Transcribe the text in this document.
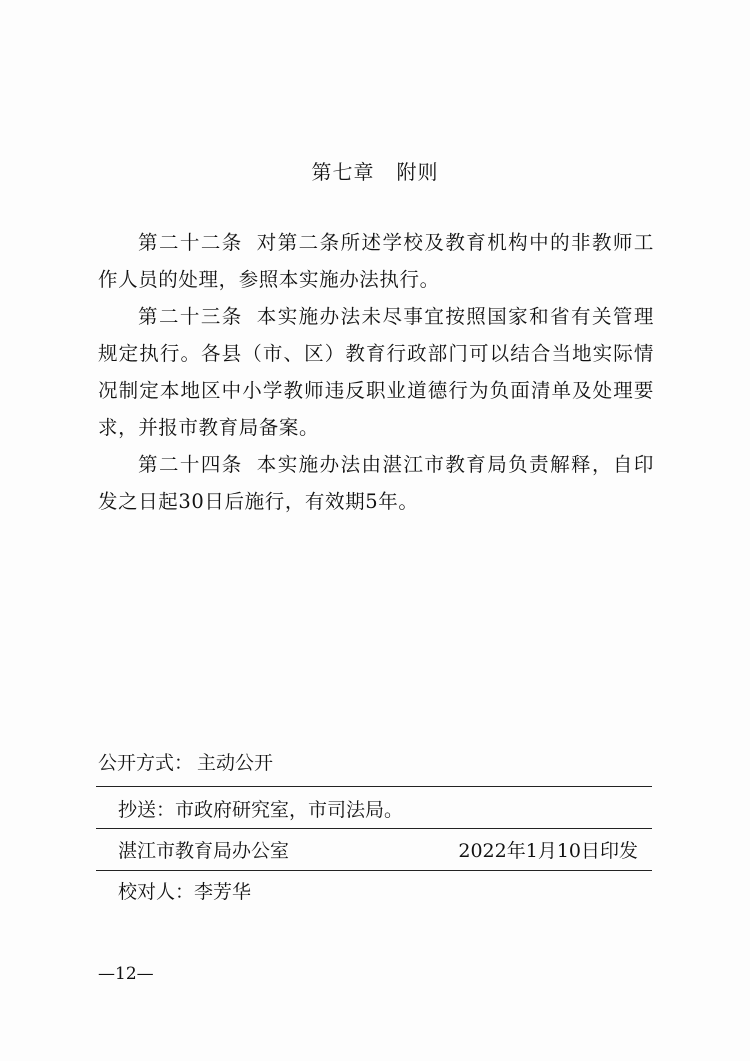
第七章 附则

第二十二条 对第二条所述学校及教育机构中的非教师工作人员的处理，参照本实施办法执行。

第二十三条 本实施办法未尽事宜按照国家和省有关管理规定执行。各县（市、区）教育行政部门可以结合当地实际情况制定本地区中小学教师违反职业道德行为负面清单及处理要求，并报市教育局备案。

第二十四条 本实施办法由湛江市教育局负责解释，自印发之日起30日后施行，有效期5年。

公开方式： 主动公开
抄送：市政府研究室，市司法局。
湛江市教育局办公室	2022年1月10日印发
校对人：李芳华
—12—
